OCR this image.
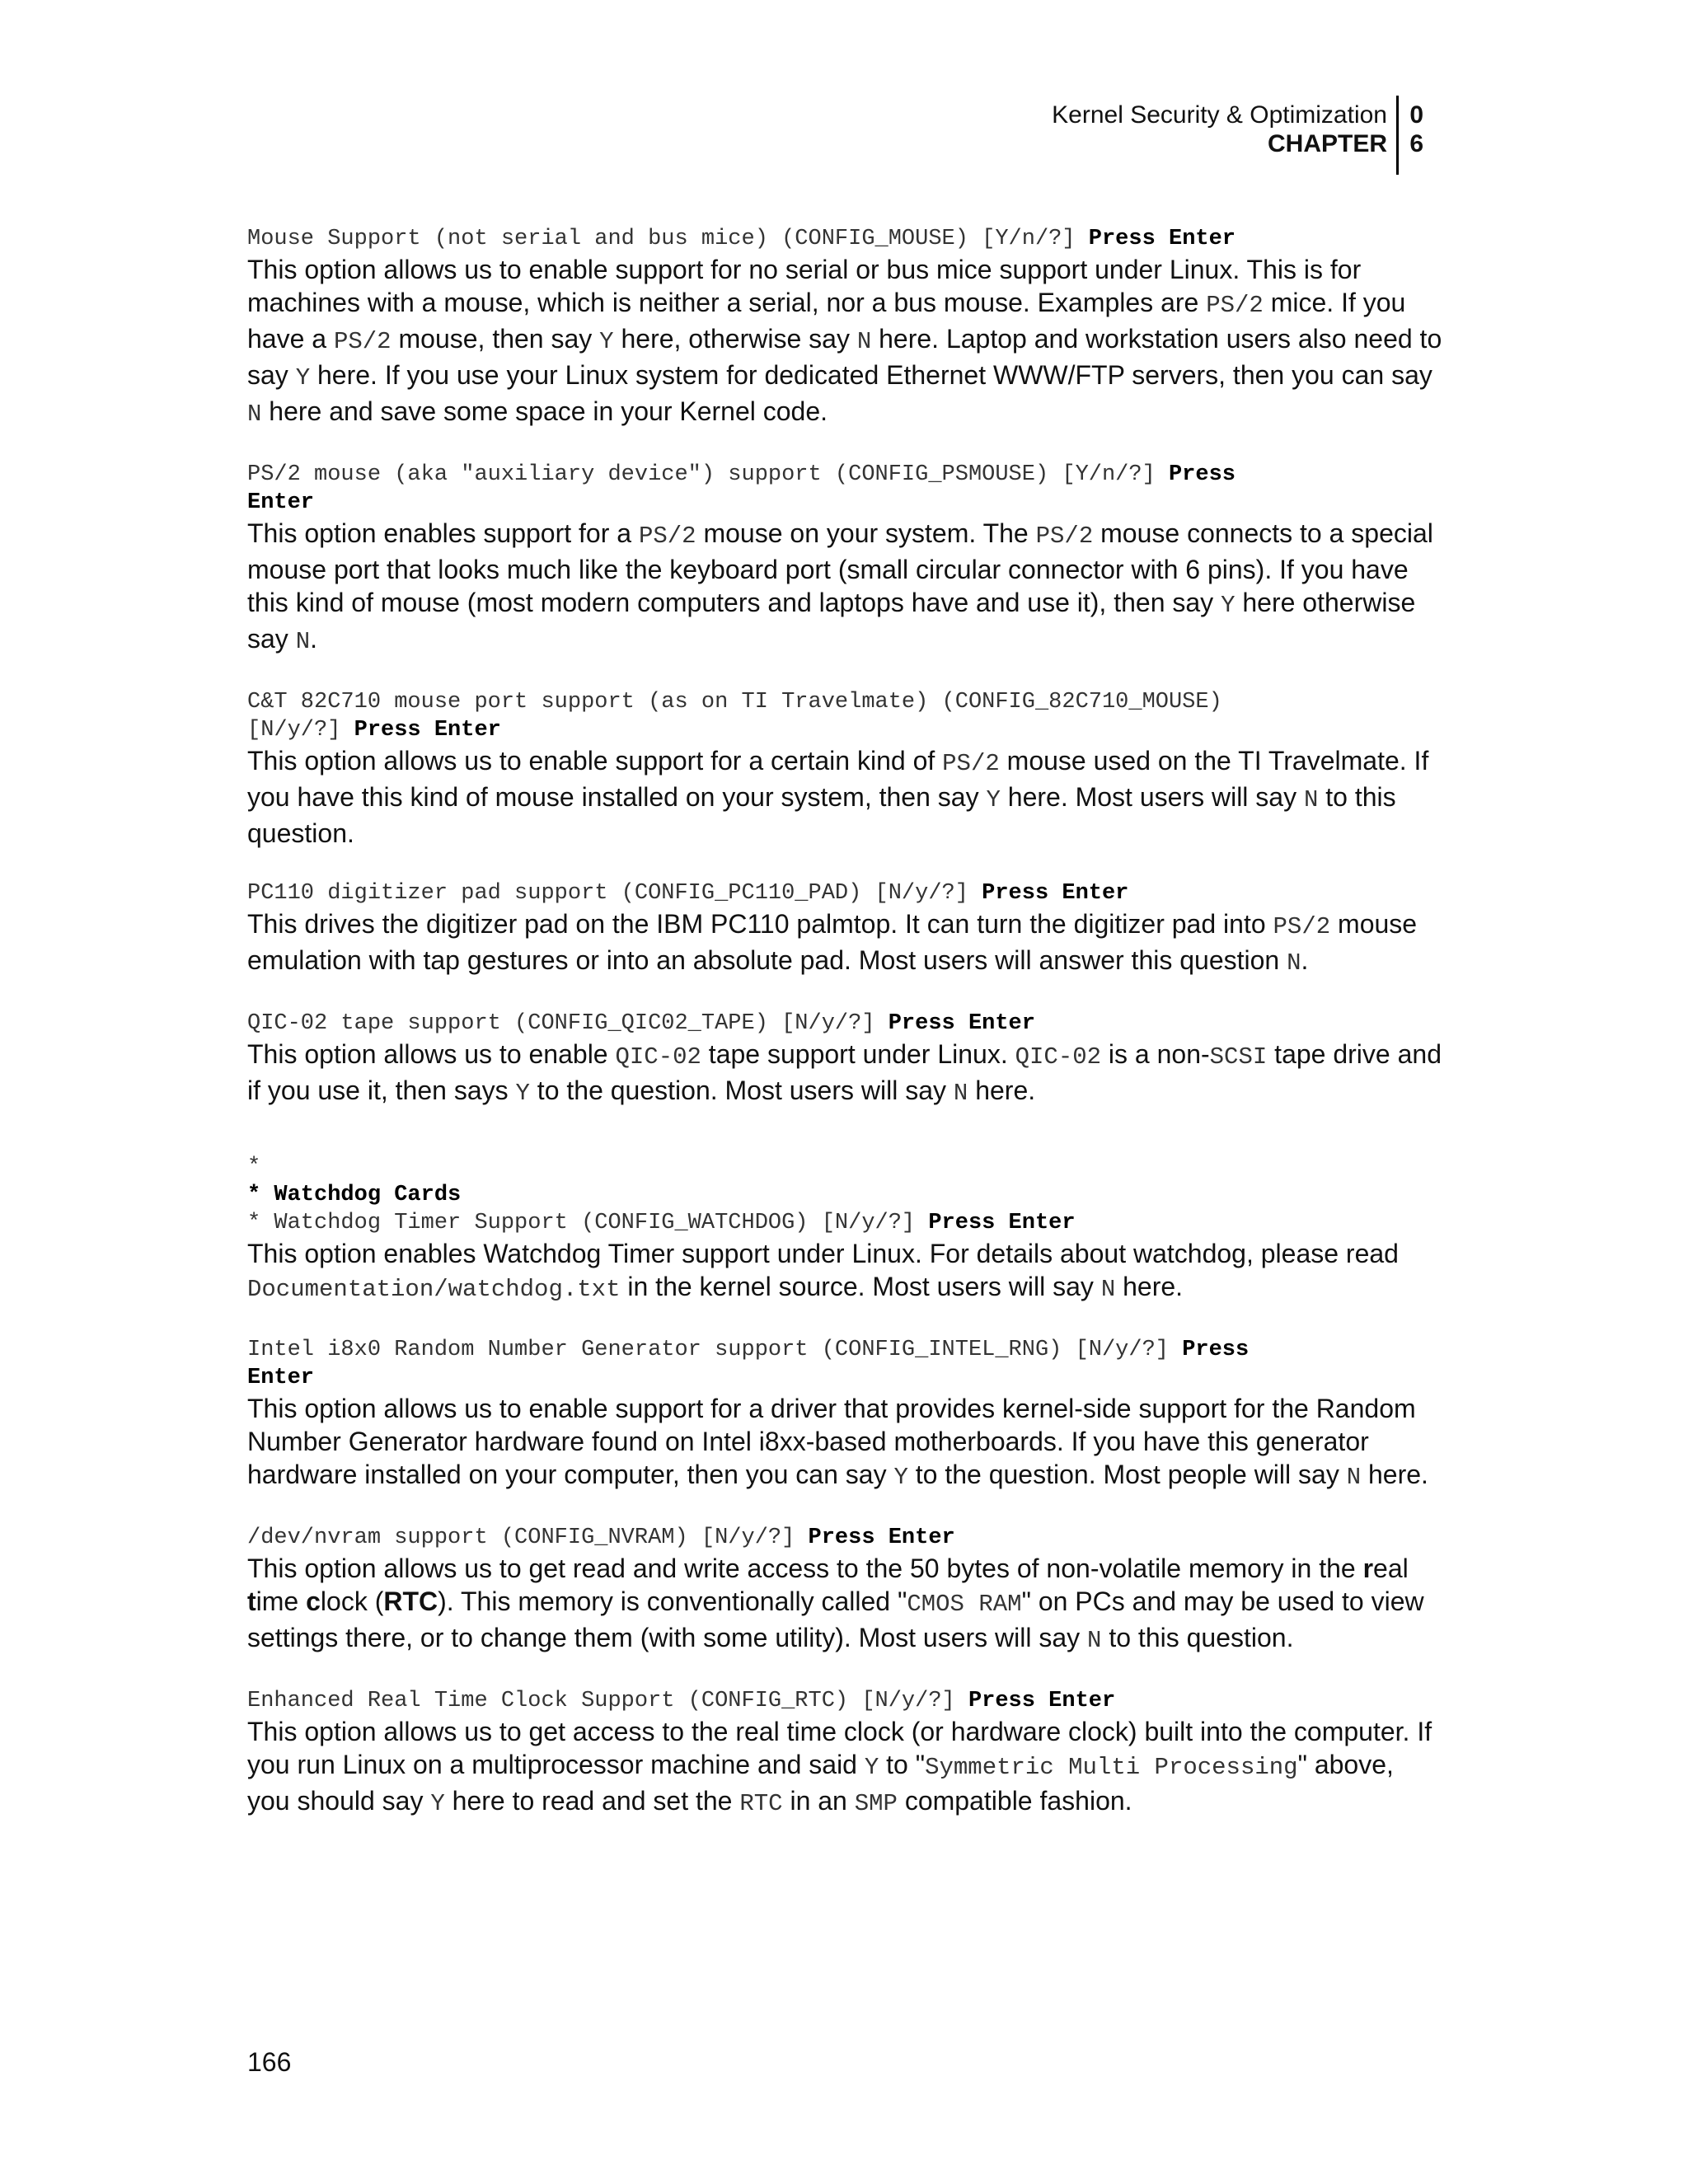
Kernel Security & Optimization
CHAPTER
0
6

Mouse Support (not serial and bus mice) (CONFIG_MOUSE) [Y/n/?] Press Enter

This option allows us to enable support for no serial or bus mice support under Linux. This is for machines with a mouse, which is neither a serial, nor a bus mouse. Examples are PS/2 mice. If you have a PS/2 mouse, then say Y here, otherwise say N here. Laptop and workstation users also need to say Y here. If you use your Linux system for dedicated Ethernet WWW/FTP servers, then you can say N here and save some space in your Kernel code.

PS/2 mouse (aka "auxiliary device") support (CONFIG_PSMOUSE) [Y/n/?] Press
Enter

This option enables support for a PS/2 mouse on your system. The PS/2 mouse connects to a special mouse port that looks much like the keyboard port (small circular connector with 6 pins). If you have this kind of mouse (most modern computers and laptops have and use it), then say Y here otherwise say N.

C&T 82C710 mouse port support (as on TI Travelmate) (CONFIG_82C710_MOUSE)
[N/y/?] Press Enter

This option allows us to enable support for a certain kind of PS/2 mouse used on the TI Travelmate. If you have this kind of mouse installed on your system, then say Y here. Most users will say N to this question.

PC110 digitizer pad support (CONFIG_PC110_PAD) [N/y/?] Press Enter

This drives the digitizer pad on the IBM PC110 palmtop. It can turn the digitizer pad into PS/2 mouse emulation with tap gestures or into an absolute pad. Most users will answer this question N.

QIC-02 tape support (CONFIG_QIC02_TAPE) [N/y/?] Press Enter

This option allows us to enable QIC-02 tape support under Linux. QIC-02 is a non-SCSI tape drive and if you use it, then says Y to the question. Most users will say N here.

*

* Watchdog Cards

* Watchdog Timer Support (CONFIG_WATCHDOG) [N/y/?] Press Enter

This option enables Watchdog Timer support under Linux. For details about watchdog, please read Documentation/watchdog.txt in the kernel source. Most users will say N here.

Intel i8x0 Random Number Generator support (CONFIG_INTEL_RNG) [N/y/?] Press
Enter

This option allows us to enable support for a driver that provides kernel-side support for the Random Number Generator hardware found on Intel i8xx-based motherboards. If you have this generator hardware installed on your computer, then you can say Y to the question. Most people will say N here.

/dev/nvram support (CONFIG_NVRAM) [N/y/?] Press Enter

This option allows us to get read and write access to the 50 bytes of non-volatile memory in the real time clock (RTC). This memory is conventionally called "CMOS RAM" on PCs and may be used to view settings there, or to change them (with some utility). Most users will say N to this question.

Enhanced Real Time Clock Support (CONFIG_RTC) [N/y/?] Press Enter

This option allows us to get access to the real time clock (or hardware clock) built into the computer. If you run Linux on a multiprocessor machine and said Y to "Symmetric Multi Processing" above, you should say Y here to read and set the RTC in an SMP compatible fashion.

166
